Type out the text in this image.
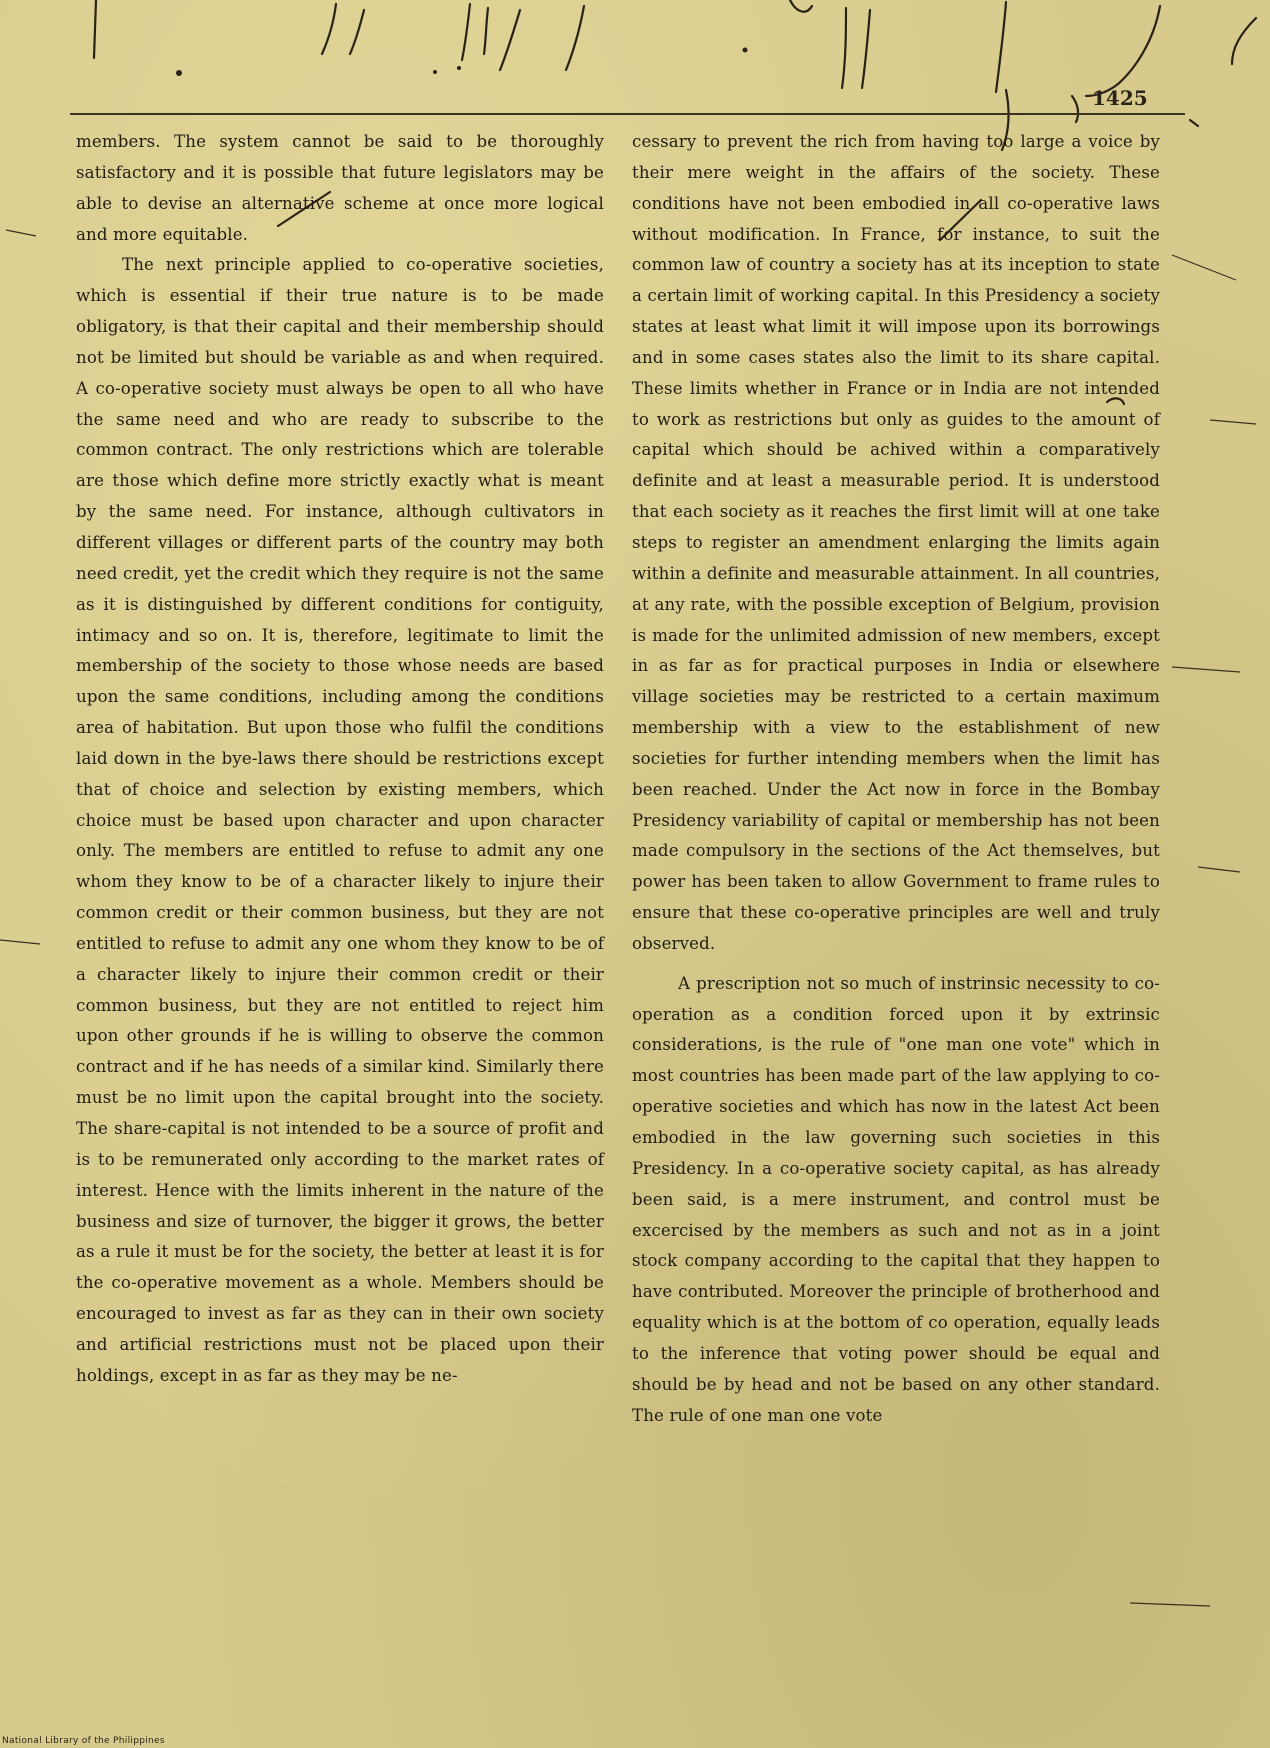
1425

members. The system cannot be said to be thoroughly satisfactory and it is possible that future legislators may be able to devise an alternative scheme at once more logical and more equitable.

The next principle applied to co-operative societies, which is essential if their true nature is to be made obligatory, is that their capital and their membership should not be limited but should be variable as and when required. A co-operative society must always be open to all who have the same need and who are ready to subscribe to the common contract. The only restrictions which are tolerable are those which define more strictly exactly what is meant by the same need. For instance, although cultivators in different villages or different parts of the country may both need credit, yet the credit which they require is not the same as it is distinguished by different conditions for contiguity, intimacy and so on. It is, therefore, legitimate to limit the membership of the society to those whose needs are based upon the same conditions, including among the conditions area of habitation. But upon those who fulfil the conditions laid down in the bye-laws there should be restrictions except that of choice and selection by existing members, which choice must be based upon character and upon character only. The members are entitled to refuse to admit any one whom they know to be of a character likely to injure their common credit or their common business, but they are not entitled to refuse to admit any one whom they know to be of a character likely to injure their common credit or their common business, but they are not entitled to reject him upon other grounds if he is willing to observe the common contract and if he has needs of a similar kind. Similarly there must be no limit upon the capital brought into the society. The share-capital is not intended to be a source of profit and is to be remunerated only according to the market rates of interest. Hence with the limits inherent in the nature of the business and size of turnover, the bigger it grows, the better as a rule it must be for the society, the better at least it is for the co-operative movement as a whole. Members should be encouraged to invest as far as they can in their own society and artificial restrictions must not be placed upon their holdings, except in as far as they may be ne-

cessary to prevent the rich from having too large a voice by their mere weight in the affairs of the society. These conditions have not been embodied in all co-operative laws without modification. In France, for instance, to suit the common law of country a society has at its inception to state a certain limit of working capital. In this Presidency a society states at least what limit it will impose upon its borrowings and in some cases states also the limit to its share capital. These limits whether in France or in India are not intended to work as restrictions but only as guides to the amount of capital which should be achived within a comparatively definite and at least a measurable period. It is understood that each society as it reaches the first limit will at one take steps to register an amendment enlarging the limits again within a definite and measurable attainment. In all countries, at any rate, with the possible exception of Belgium, provision is made for the unlimited admission of new members, except in as far as for practical purposes in India or elsewhere village societies may be restricted to a certain maximum membership with a view to the establishment of new societies for further intending members when the limit has been reached. Under the Act now in force in the Bombay Presidency variability of capital or membership has not been made compulsory in the sections of the Act themselves, but power has been taken to allow Government to frame rules to ensure that these co-operative principles are well and truly observed.

A prescription not so much of instrinsic necessity to co-operation as a condition forced upon it by extrinsic considerations, is the rule of "one man one vote" which in most countries has been made part of the law applying to co-operative societies and which has now in the latest Act been embodied in the law governing such societies in this Presidency. In a co-operative society capital, as has already been said, is a mere instrument, and control must be excercised by the members as such and not as in a joint stock company according to the capital that they happen to have contributed. Moreover the principle of brotherhood and equality which is at the bottom of co operation, equally leads to the inference that voting power should be equal and should be by head and not be based on any other standard. The rule of one man one vote

National Library of the Philippines
